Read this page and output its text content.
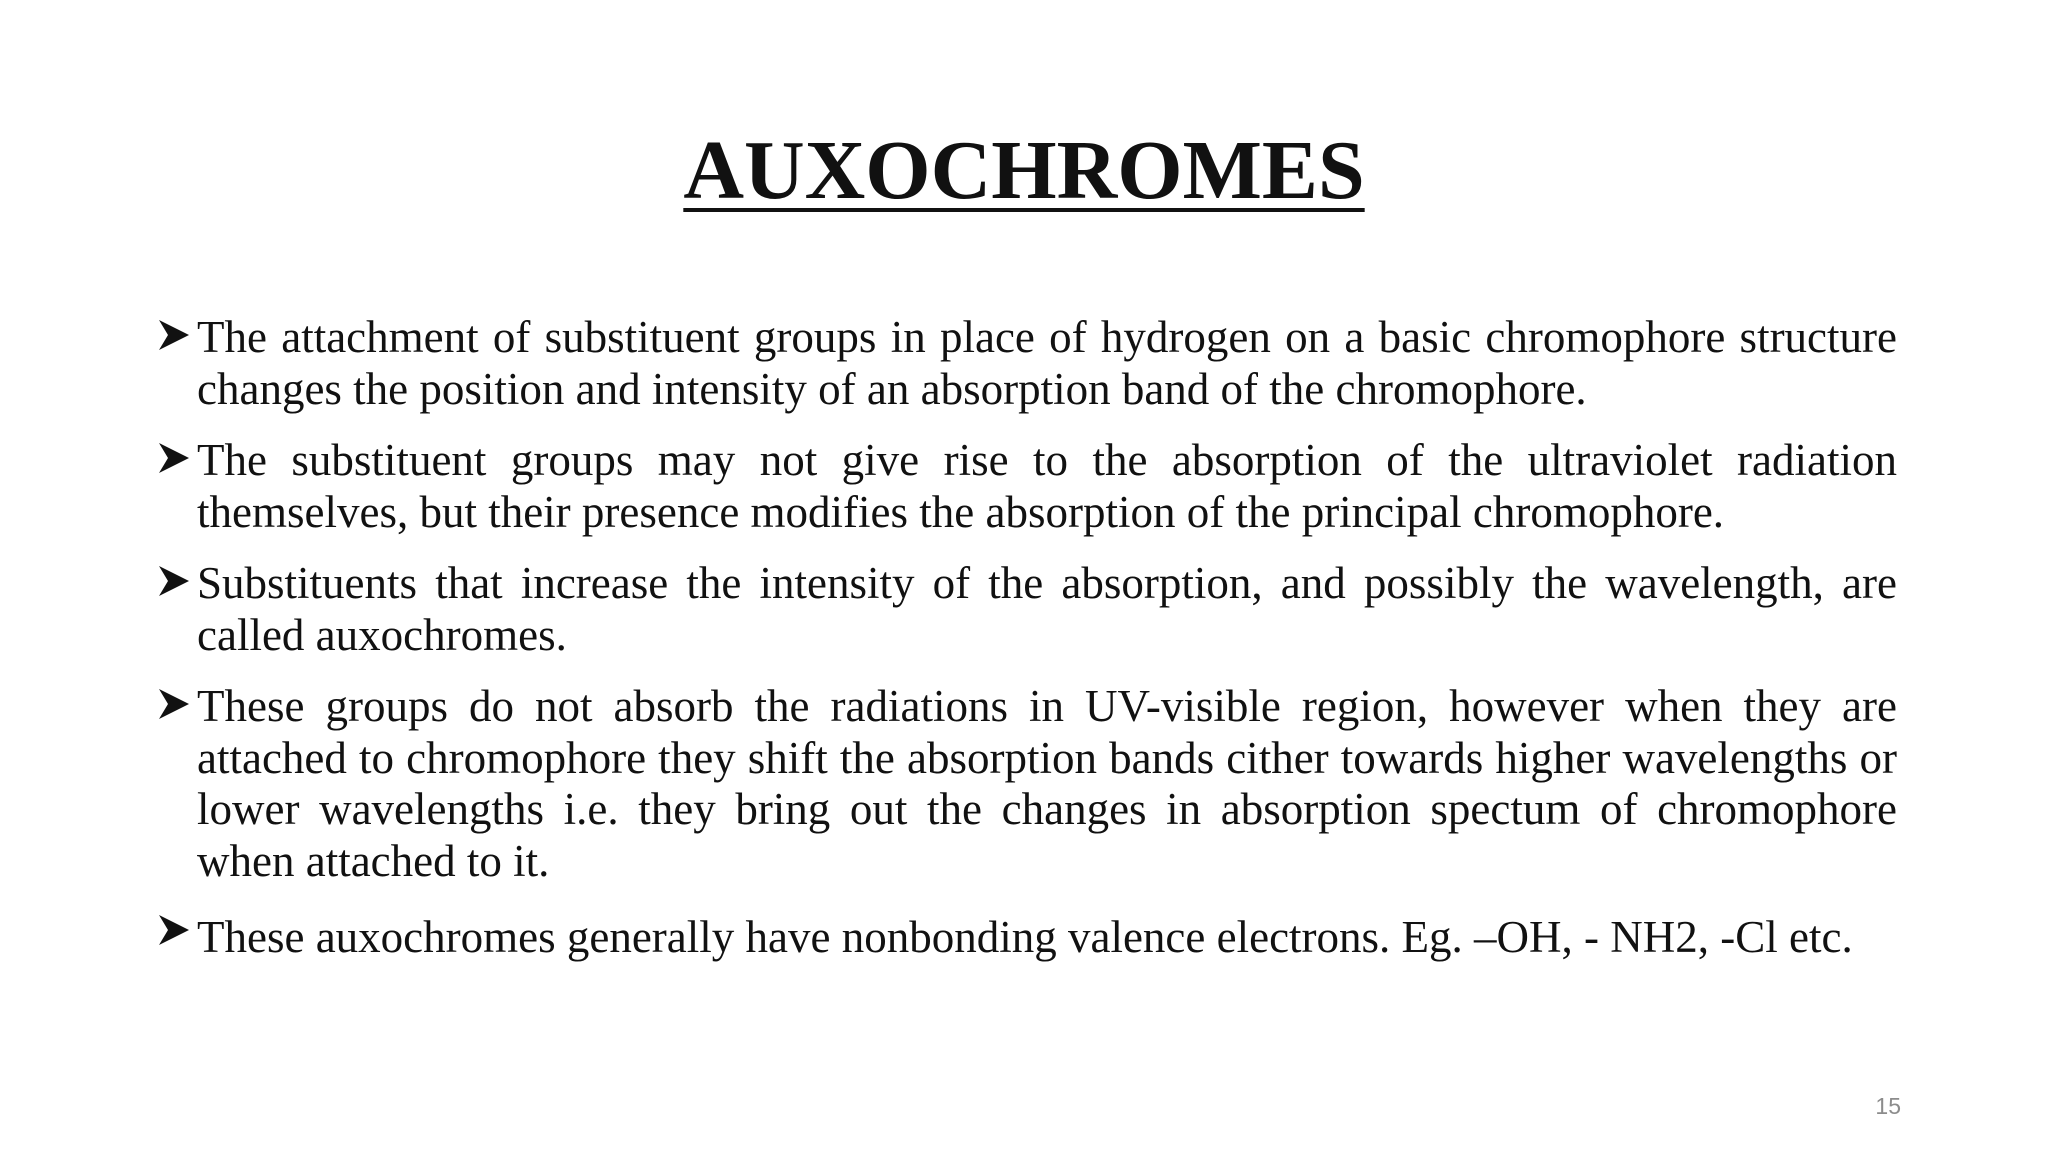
AUXOCHROMES
The attachment of substituent groups in place of hydrogen on a basic chromophore structure changes the position and intensity of an absorption band of the chromophore.
The substituent groups may not give rise to the absorption of the ultraviolet radiation themselves, but their presence modifies the absorption of the principal chromophore.
Substituents that increase the intensity of the absorption, and possibly the wavelength, are called auxochromes.
These groups do not absorb the radiations in UV-visible region, however when they are attached to chromophore they shift the absorption bands cither towards higher wavelengths or lower wavelengths i.e. they bring out the changes in absorption spectum of chromophore when attached to it.
These auxochromes generally have nonbonding valence electrons. Eg. –OH, - NH2, -Cl etc.
15
